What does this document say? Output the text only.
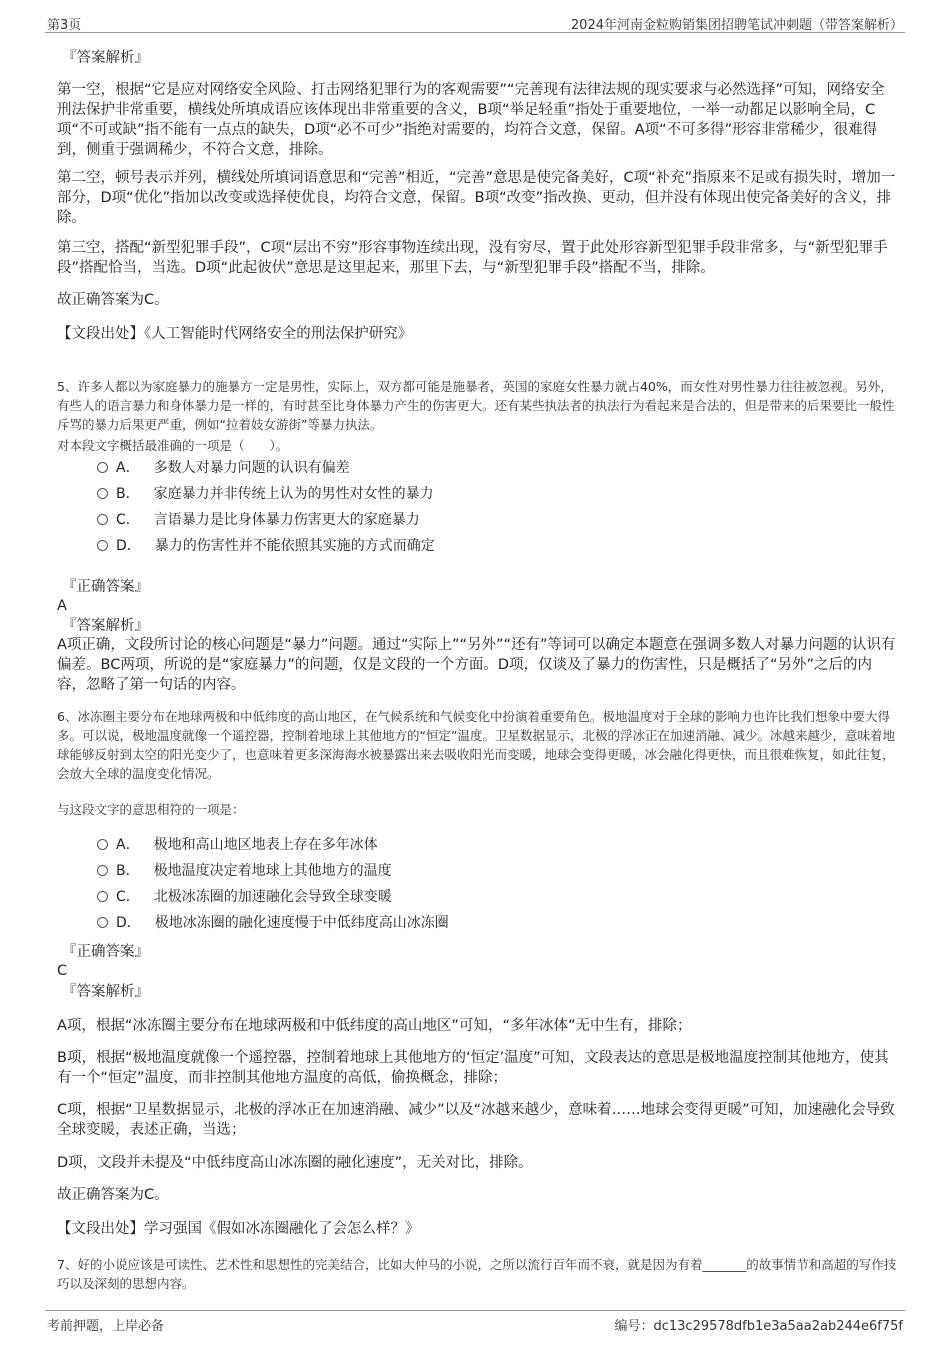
第3页	2024年河南金粒购销集团招聘笔试冲刺题（带答案解析）
『答案解析』
第一空，根据“它是应对网络安全风险、打击网络犯罪行为的客观需要”“完善现有法律法规的现实要求与必然选择”可知，网络安全刑法保护非常重要，横线处所填成语应该体现出非常重要的含义，B项“举足轻重”指处于重要地位，一举一动都足以影响全局，C项“不可或缺”指不能有一点点的缺失，D项“必不可少”指绝对需要的，均符合文意，保留。A项“不可多得”形容非常稀少，很难得到，侧重于强调稀少，不符合文意，排除。
第二空，顿号表示并列，横线处所填词语意思和“完善”相近，“完善”意思是使完备美好，C项“补充”指原来不足或有损失时，增加一部分，D项“优化”指加以改变或选择使优良，均符合文意，保留。B项“改变”指改换、更动，但并没有体现出使完备美好的含义，排除。
第三空，搭配“新型犯罪手段”，C项“层出不穷”形容事物连续出现，没有穷尽，置于此处形容新型犯罪手段非常多，与“新型犯罪手段”搭配恰当，当选。D项“此起彼伏”意思是这里起来，那里下去，与“新型犯罪手段”搭配不当，排除。
故正确答案为C。
【文段出处】《人工智能时代网络安全的刑法保护研究》
5、许多人都以为家庭暴力的施暴方一定是男性，实际上，双方都可能是施暴者，英国的家庭女性暴力就占40%，而女性对男性暴力往往被忽视。另外，有些人的语言暴力和身体暴力是一样的，有时甚至比身体暴力产生的伤害更大。还有某些执法者的执法行为看起来是合法的，但是带来的后果要比一般性斥骂的暴力后果更严重，例如“拉着妓女游街”等暴力执法。
对本段文字概括最准确的一项是（　　）。
A． 多数人对暴力问题的认识有偏差
B． 家庭暴力并非传统上认为的男性对女性的暴力
C． 言语暴力是比身体暴力伤害更大的家庭暴力
D． 暴力的伤害性并不能依照其实施的方式而确定
『正确答案』
A
『答案解析』
A项正确，文段所讨论的核心问题是“暴力”问题。通过“实际上”“另外”“还有”等词可以确定本题意在强调多数人对暴力问题的认识有偏差。BC两项，所说的是“家庭暴力”的问题，仅是文段的一个方面。D项，仅谈及了暴力的伤害性，只是概括了“另外”之后的内容，忽略了第一句话的内容。
6、冰冻圈主要分布在地球两极和中低纬度的高山地区，在气候系统和气候变化中扮演着重要角色。极地温度对于全球的影响力也许比我们想象中要大得多。可以说，极地温度就像一个遥控器，控制着地球上其他地方的“恒定”温度。卫星数据显示，北极的浮冰正在加速消融、减少。冰越来越少，意味着地球能够反射到太空的阳光变少了，也意味着更多深海海水被暴露出来去吸收阳光而变暖，地球会变得更暖，冰会融化得更快，而且很难恢复，如此往复，会放大全球的温度变化情况。
与这段文字的意思相符的一项是：
A． 极地和高山地区地表上存在多年冰体
B． 极地温度决定着地球上其他地方的温度
C． 北极冰冻圈的加速融化会导致全球变暖
D． 极地冰冻圈的融化速度慢于中低纬度高山冰冻圈
『正确答案』
C
『答案解析』
A项，根据“冰冻圈主要分布在地球两极和中低纬度的高山地区”可知，“多年冰体”无中生有，排除；
B项，根据“极地温度就像一个遥控器，控制着地球上其他地方的‘恒定’温度”可知，文段表达的意思是极地温度控制其他地方，使其有一个“恒定”温度，而非控制其他地方温度的高低，偷换概念，排除；
C项，根据“卫星数据显示，北极的浮冰正在加速消融、减少”以及“冰越来越少，意味着……地球会变得更暖”可知，加速融化会导致全球变暖，表述正确，当选；
D项，文段并未提及“中低纬度高山冰冻圈的融化速度”，无关对比，排除。
故正确答案为C。
【文段出处】学习强国《假如冰冻圈融化了会怎么样？》
7、好的小说应该是可读性、艺术性和思想性的完美结合，比如大仲马的小说，之所以流行百年而不衰，就是因为有着_______的故事情节和高超的写作技巧以及深刻的思想内容。
考前押题，上岸必备	编号：dc13c29578dfb1e3a5aa2ab244e6f75f
